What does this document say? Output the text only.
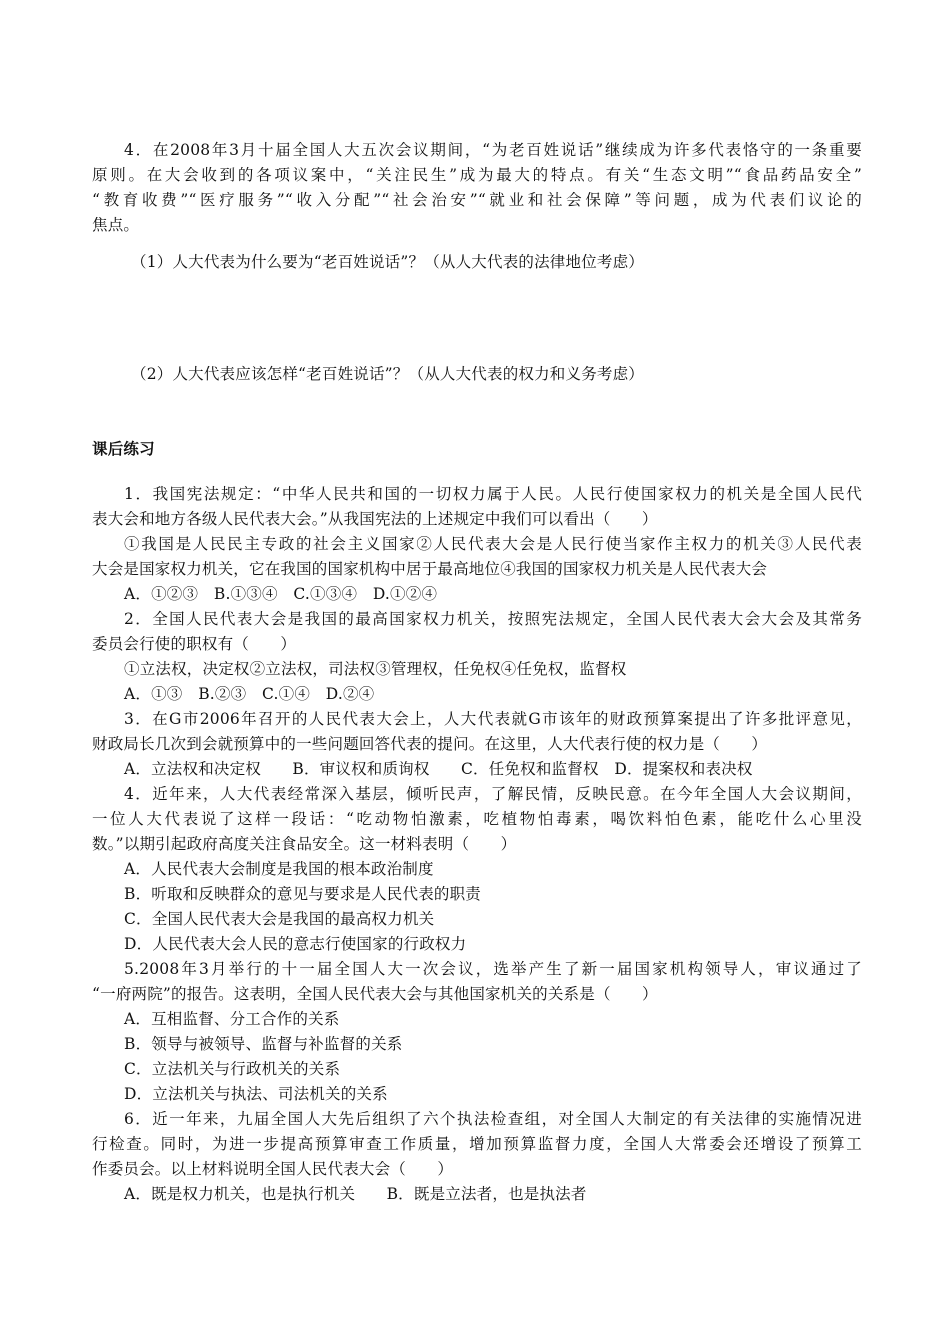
4．在2008年3月十届全国人大五次会议期间，“为老百姓说话”继续成为许多代表恪守的一条重要
原则。在大会收到的各项议案中，“关注民生”成为最大的特点。有关“生态文明”“食品药品安全”
“教育收费”“医疗服务”“收入分配”“社会治安”“就业和社会保障”等问题，成为代表们议论的
焦点。
（1）人大代表为什么要为“老百姓说话”？（从人大代表的法律地位考虑）
（2）人大代表应该怎样“老百姓说话”？（从人大代表的权力和义务考虑）
课后练习
1．我国宪法规定：“中华人民共和国的一切权力属于人民。人民行使国家权力的机关是全国人民代
表大会和地方各级人民代表大会。”从我国宪法的上述规定中我们可以看出（　　）
①我国是人民民主专政的社会主义国家②人民代表大会是人民行使当家作主权力的机关③人民代表
大会是国家权力机关，它在我国的国家机构中居于最高地位④我国的国家权力机关是人民代表大会
A．①②③　B.①③④　C.①③④　D.①②④
2．全国人民代表大会是我国的最高国家权力机关，按照宪法规定，全国人民代表大会大会及其常务
委员会行使的职权有（　　）
①立法权，决定权②立法权，司法权③管理权，任免权④任免权，监督权
A．①③　B.②③　C.①④　D.②④
3．在G市2006年召开的人民代表大会上，人大代表就G市该年的财政预算案提出了许多批评意见，
财政局长几次到会就预算中的一些问题回答代表的提问。在这里，人大代表行使的权力是（　　）
A．立法权和决定权　　B．审议权和质询权　　C．任免权和监督权　D．提案权和表决权
4．近年来，人大代表经常深入基层，倾听民声，了解民情，反映民意。在今年全国人大会议期间，
一位人大代表说了这样一段话：“吃动物怕激素，吃植物怕毒素，喝饮料怕色素，能吃什么心里没
数。”以期引起政府高度关注食品安全。这一材料表明（　　）
A．人民代表大会制度是我国的根本政治制度
B．听取和反映群众的意见与要求是人民代表的职责
C．全国人民代表大会是我国的最高权力机关
D．人民代表大会人民的意志行使国家的行政权力
5.2008年3月举行的十一届全国人大一次会议，选举产生了新一届国家机构领导人，审议通过了
“一府两院”的报告。这表明，全国人民代表大会与其他国家机关的关系是（　　）
A．互相监督、分工合作的关系
B．领导与被领导、监督与补监督的关系
C．立法机关与行政机关的关系
D．立法机关与执法、司法机关的关系
6．近一年来，九届全国人大先后组织了六个执法检查组，对全国人大制定的有关法律的实施情况进
行检查。同时，为进一步提高预算审查工作质量，增加预算监督力度，全国人大常委会还增设了预算工
作委员会。以上材料说明全国人民代表大会（　　）
A．既是权力机关，也是执行机关　　B．既是立法者，也是执法者
